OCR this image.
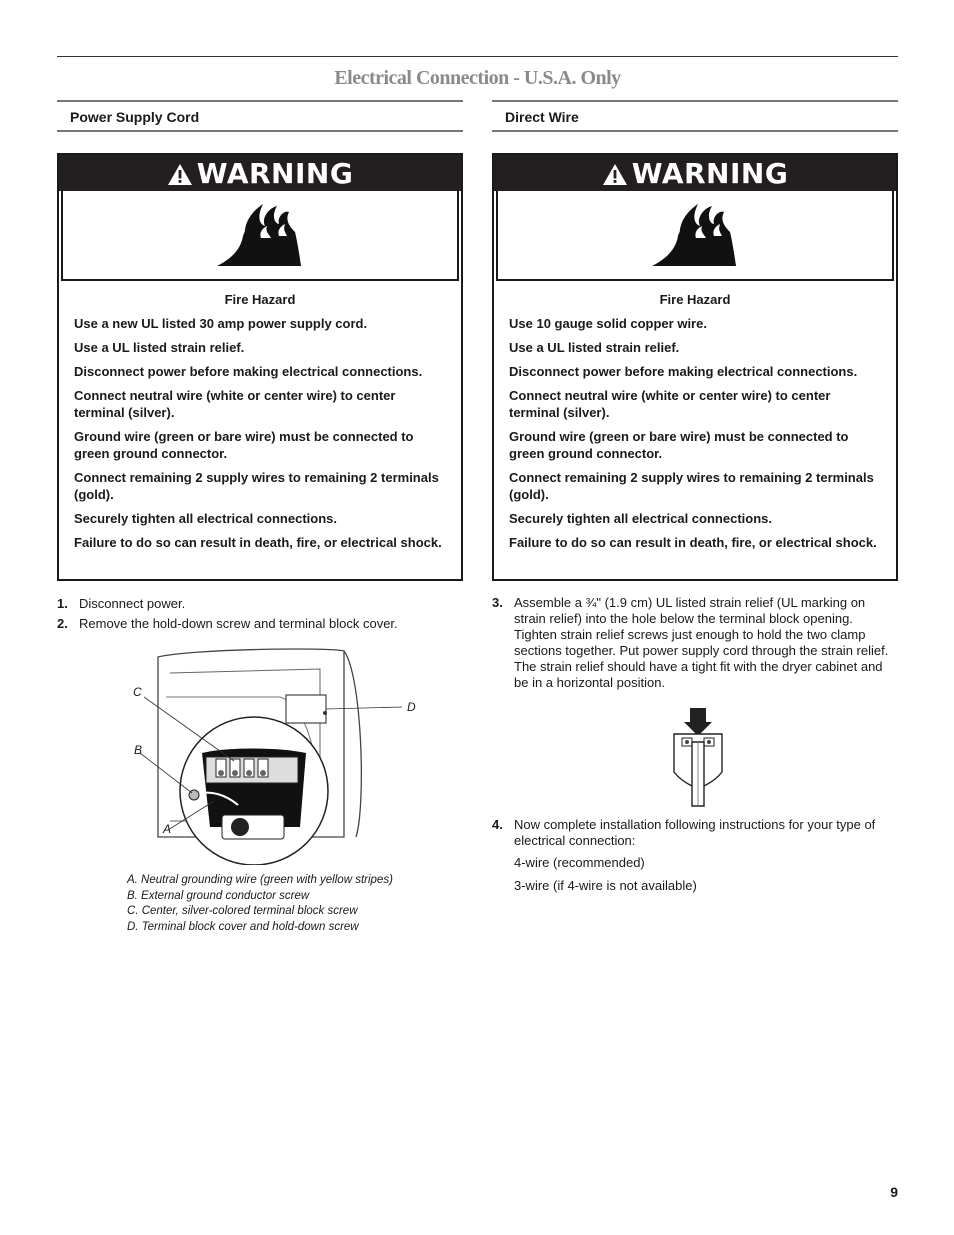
Electrical Connection - U.S.A. Only
Power Supply Cord
WARNING
Fire Hazard

Use a new UL listed 30 amp power supply cord.

Use a UL listed strain relief.

Disconnect power before making electrical connections.

Connect neutral wire (white or center wire) to center terminal (silver).

Ground wire (green or bare wire) must be connected to green ground connector.

Connect remaining 2 supply wires to remaining 2 terminals (gold).

Securely tighten all electrical connections.

Failure to do so can result in death, fire, or electrical shock.

1. Disconnect power.
2. Remove the hold-down screw and terminal block cover.
C
B
A
D
A. Neutral grounding wire (green with yellow stripes)
B. External ground conductor screw
C. Center, silver-colored terminal block screw
D. Terminal block cover and hold-down screw
Direct Wire
WARNING
Fire Hazard

Use 10 gauge solid copper wire.

Use a UL listed strain relief.

Disconnect power before making electrical connections.

Connect neutral wire (white or center wire) to center terminal (silver).

Ground wire (green or bare wire) must be connected to green ground connector.

Connect remaining 2 supply wires to remaining 2 terminals (gold).

Securely tighten all electrical connections.

Failure to do so can result in death, fire, or electrical shock.

3. Assemble a ¾" (1.9 cm) UL listed strain relief (UL marking on strain relief) into the hole below the terminal block opening. Tighten strain relief screws just enough to hold the two clamp sections together. Put power supply cord through the strain relief. The strain relief should have a tight fit with the dryer cabinet and be in a horizontal position.
4. Now complete installation following instructions for your type of electrical connection:
4-wire (recommended)
3-wire (if 4-wire is not available)
9
